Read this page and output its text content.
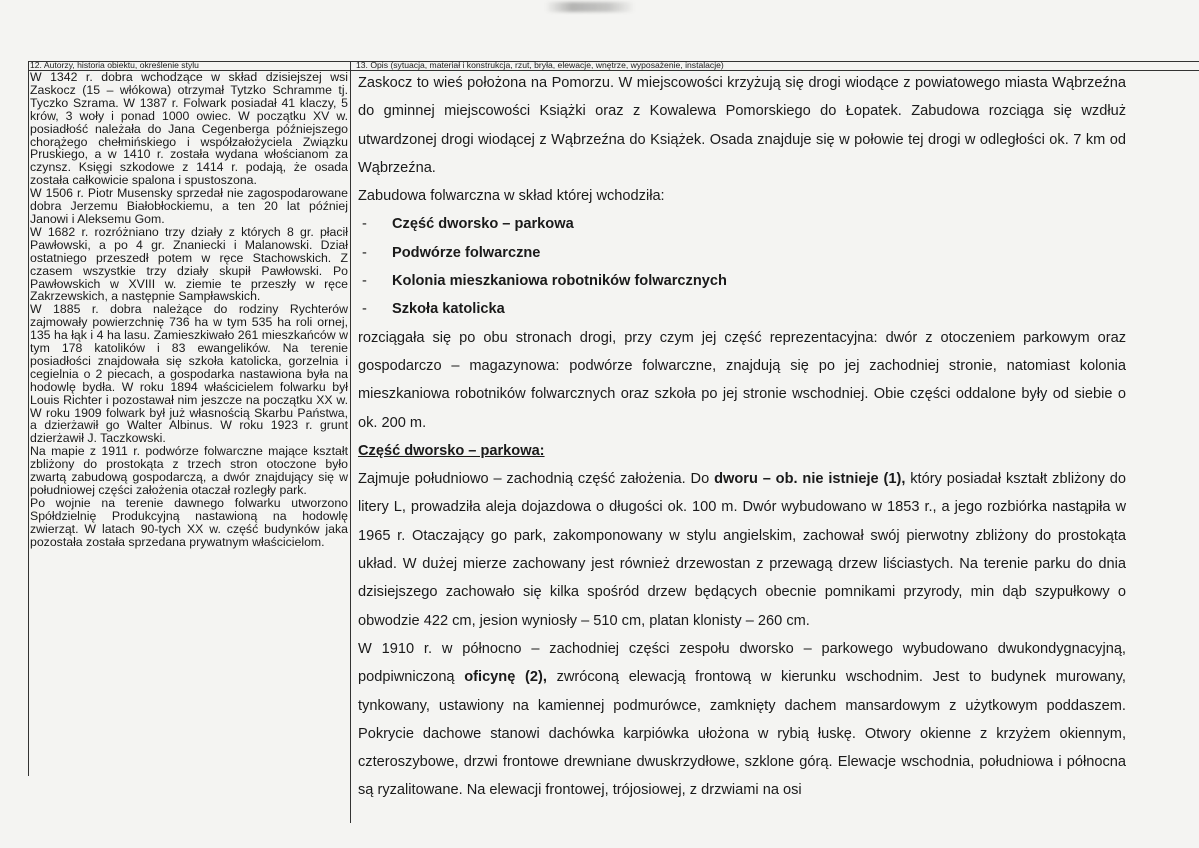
12. Autorzy, historia obiektu, określenie stylu	13. Opis (sytuacja, materiał i konstrukcja, rzut, bryła, elewacje, wnętrze, wyposażenie, instalacje)

W 1342 r. dobra wchodzące w skład dzisiejszej wsi Zaskocz (15 – włókowa) otrzymał Tytzko Schramme tj. Tyczko Szrama. W 1387 r. Folwark posiadał 41 klaczy, 5 krów, 3 woły i ponad 1000 owiec. W początku XV w. posiadłość należała do Jana Cegenberga późniejszego chorążego chełmińskiego i współzałożyciela Związku Pruskiego, a w 1410 r. została wydana włościanom za czynsz. Księgi szkodowe z 1414 r. podają, że osada została całkowicie spalona i spustoszona.

W 1506 r. Piotr Musensky sprzedał nie zagospodarowane dobra Jerzemu Białobłockiemu, a ten 20 lat później Janowi i Aleksemu Gom.

W 1682 r. rozróżniano trzy działy z których 8 gr. płacił Pawłowski, a po 4 gr. Znaniecki i Malanowski. Dział ostatniego przeszedł potem w ręce Stachowskich. Z czasem wszystkie trzy działy skupił Pawłowski. Po Pawłowskich w XVIII w. ziemie te przeszły w ręce Zakrzewskich, a następnie Sampławskich.

W 1885 r. dobra należące do rodziny Rychterów zajmowały powierzchnię 736 ha w tym 535 ha roli ornej, 135 ha łąk i 4 ha lasu. Zamieszkiwało 261 mieszkańców w tym 178 katolików i 83 ewangelików. Na terenie posiadłości znajdowała się szkoła katolicka, gorzelnia i cegielnia o 2 piecach, a gospodarka nastawiona była na hodowlę bydła. W roku 1894 właścicielem folwarku był Louis Richter i pozostawał nim jeszcze na początku XX w. W roku 1909 folwark był już własnością Skarbu Państwa, a dzierżawił go Walter Albinus. W roku 1923 r. grunt dzierżawił J. Taczkowski.

Na mapie z 1911 r. podwórze folwarczne mające kształt zbliżony do prostokąta z trzech stron otoczone było zwartą zabudową gospodarczą, a dwór znajdujący się w południowej części założenia otaczał rozległy park.

Po wojnie na terenie dawnego folwarku utworzono Spółdzielnię Produkcyjną nastawioną na hodowlę zwierząt. W latach 90-tych XX w. część budynków jaka pozostała została sprzedana prywatnym właścicielom.

Zaskocz to wieś położona na Pomorzu. W miejscowości krzyżują się drogi wiodące z powiatowego miasta Wąbrzeźna do gminnej miejscowości Książki oraz z Kowalewa Pomorskiego do Łopatek. Zabudowa rozciąga się wzdłuż utwardzonej drogi wiodącej z Wąbrzeźna do Książek. Osada znajduje się w połowie tej drogi w odległości ok. 7 km od Wąbrzeźna.

Zabudowa folwarczna w skład której wchodziła:

- Część dworsko – parkowa
- Podwórze folwarczne
- Kolonia mieszkaniowa robotników folwarcznych
- Szkoła katolicka

rozciągała się po obu stronach drogi, przy czym jej część reprezentacyjna: dwór z otoczeniem parkowym oraz gospodarczo – magazynowa: podwórze folwarczne, znajdują się po jej zachodniej stronie, natomiast kolonia mieszkaniowa robotników folwarcznych oraz szkoła po jej stronie wschodniej. Obie części oddalone były od siebie o ok. 200 m.

Część dworsko – parkowa:

Zajmuje południowo – zachodnią część założenia. Do dworu – ob. nie istnieje (1), który posiadał kształt zbliżony do litery L, prowadziła aleja dojazdowa o długości ok. 100 m. Dwór wybudowano w 1853 r., a jego rozbiórka nastąpiła w 1965 r. Otaczający go park, zakomponowany w stylu angielskim, zachował swój pierwotny zbliżony do prostokąta układ. W dużej mierze zachowany jest również drzewostan z przewagą drzew liściastych. Na terenie parku do dnia dzisiejszego zachowało się kilka spośród drzew będących obecnie pomnikami przyrody, min dąb szypułkowy o obwodzie 422 cm, jesion wyniosły – 510 cm, platan klonisty – 260 cm.

W 1910 r. w północno – zachodniej części zespołu dworsko – parkowego wybudowano dwukondygnacyjną, podpiwniczoną oficynę (2), zwróconą elewacją frontową w kierunku wschodnim. Jest to budynek murowany, tynkowany, ustawiony na kamiennej podmurówce, zamknięty dachem mansardowym z użytkowym poddaszem. Pokrycie dachowe stanowi dachówka karpiówka ułożona w rybią łuskę. Otwory okienne z krzyżem okiennym, czteroszybowe, drzwi frontowe drewniane dwuskrzydłowe, szklone górą. Elewacje wschodnia, południowa i północna są ryzalitowane. Na elewacji frontowej, trójosiowej, z drzwiami na osi
